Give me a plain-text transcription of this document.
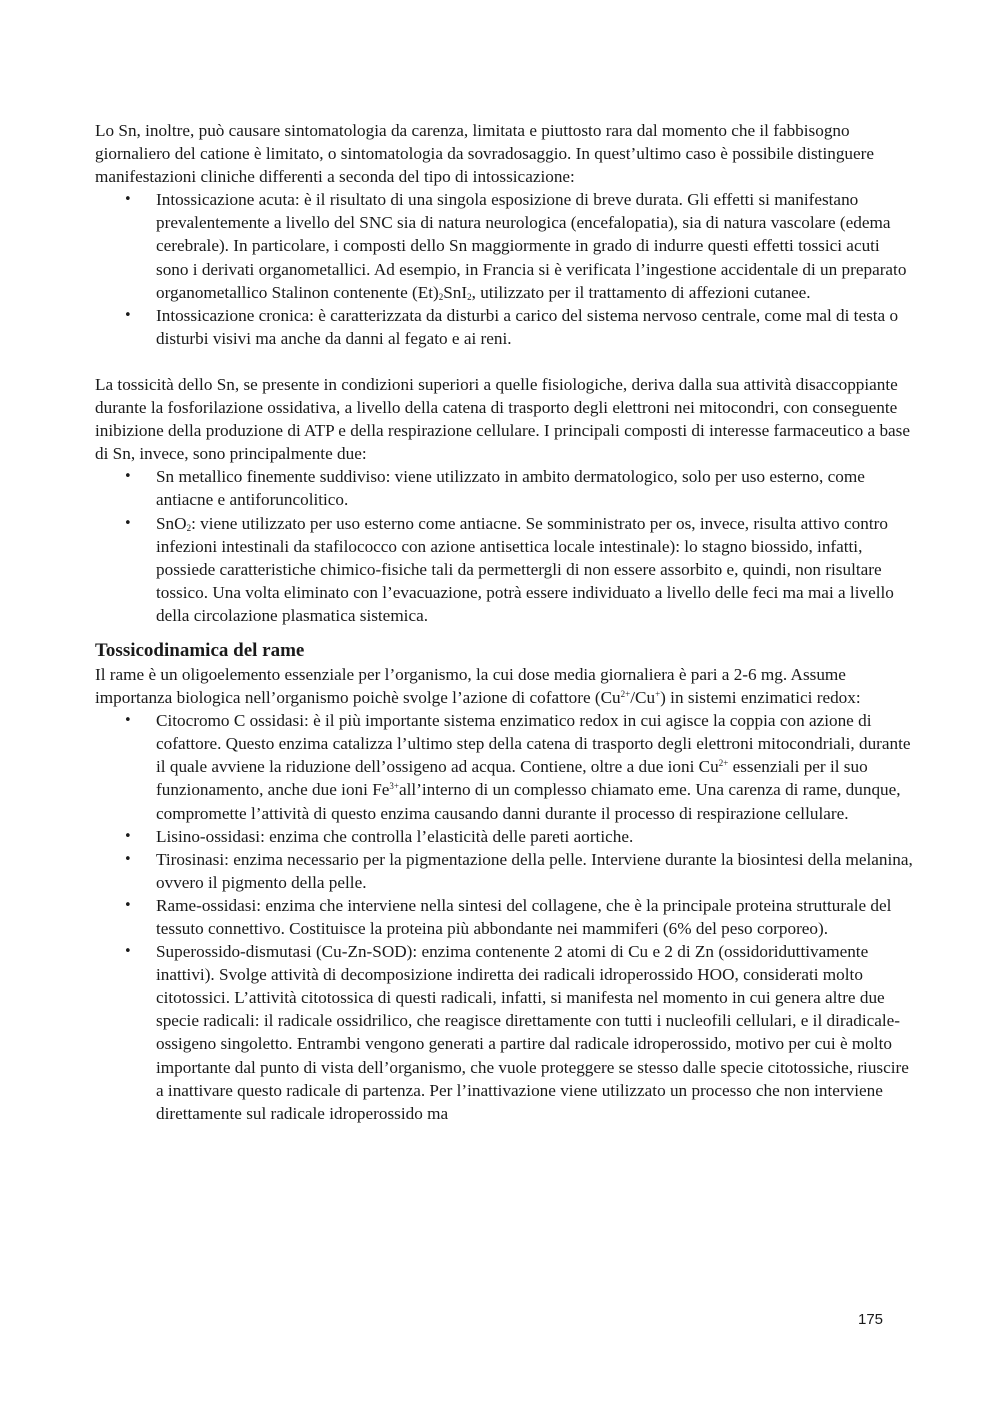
Lo Sn, inoltre, può causare sintomatologia da carenza, limitata e piuttosto rara dal momento che il fabbisogno giornaliero del catione è limitato, o sintomatologia da sovradosaggio. In quest’ultimo caso è possibile distinguere manifestazioni cliniche differenti a seconda del tipo di intossicazione:

• Intossicazione acuta: è il risultato di una singola esposizione di breve durata. Gli effetti si manifestano prevalentemente a livello del SNC sia di natura neurologica (encefalopatia), sia di natura vascolare (edema cerebrale). In particolare, i composti dello Sn maggiormente in grado di indurre questi effetti tossici acuti sono i derivati organometallici. Ad esempio, in Francia si è verificata l’ingestione accidentale di un preparato organometallico Stalinon contenente $(Et)_2SnI_2$, utilizzato per il trattamento di affezioni cutanee.
• Intossicazione cronica: è caratterizzata da disturbi a carico del sistema nervoso centrale, come mal di testa o disturbi visivi ma anche da danni al fegato e ai reni.

La tossicità dello Sn, se presente in condizioni superiori a quelle fisiologiche, deriva dalla sua attività disaccoppiante durante la fosforilazione ossidativa, a livello della catena di trasporto degli elettroni nei mitocondri, con conseguente inibizione della produzione di ATP e della respirazione cellulare. I principali composti di interesse farmaceutico a base di Sn, invece, sono principalmente due:

• Sn metallico finemente suddiviso: viene utilizzato in ambito dermatologico, solo per uso esterno, come antiacne e antiforuncolitico.
• SnO$_2$: viene utilizzato per uso esterno come antiacne. Se somministrato per os, invece, risulta attivo contro infezioni intestinali da stafilococco con azione antisettica locale intestinale): lo stagno biossido, infatti, possiede caratteristiche chimico-fisiche tali da permettergli di non essere assorbito e, quindi, non risultare tossico. Una volta eliminato con l’evacuazione, potrà essere individuato a livello delle feci ma mai a livello della circolazione plasmatica sistemica.
Tossicodinamica del rame

Il rame è un oligoelemento essenziale per l’organismo, la cui dose media giornaliera è pari a 2-6 mg. Assume importanza biologica nell’organismo poichè svolge l’azione di cofattore $(Cu^{2+}/Cu^+)$ in sistemi enzimatici redox:

• Citocromo C ossidasi: è il più importante sistema enzimatico redox in cui agisce la coppia con azione di cofattore. Questo enzima catalizza l’ultimo step della catena di trasporto degli elettroni mitocondriali, durante il quale avviene la riduzione dell’ossigeno ad acqua. Contiene, oltre a due ioni $Cu^{2+}$ essenziali per il suo funzionamento, anche due ioni $Fe^{3+}all’interno$ di un complesso chiamato eme. Una carenza di rame, dunque, compromette l’attività di questo enzima causando danni durante il processo di respirazione cellulare.
• Lisino-ossidasi: enzima che controlla l’elasticità delle pareti aortiche.
• Tirosinasi: enzima necessario per la pigmentazione della pelle. Interviene durante la biosintesi della melanina, ovvero il pigmento della pelle.
• Rame-ossidasi: enzima che interviene nella sintesi del collagene, che è la principale proteina strutturale del tessuto connettivo. Costituisce la proteina più abbondante nei mammiferi (6% del peso corporeo).
• Superossido-dismutasi (Cu-Zn-SOD): enzima contenente 2 atomi di Cu e 2 di Zn (ossidoriduttivamente inattivi). Svolge attività di decomposizione indiretta dei radicali idroperossido HOO, considerati molto citotossici. L’attività citotossica di questi radicali, infatti, si manifesta nel momento in cui genera altre due specie radicali: il radicale ossidrilico, che reagisce direttamente con tutti i nucleofili cellulari, e il diradicale-ossigeno singoletto. Entrambi vengono generati a partire dal radicale idroperossido, motivo per cui è molto importante dal punto di vista dell’organismo, che vuole proteggere se stesso dalle specie citotossiche, riuscire a inattivare questo radicale di partenza. Per l’inattivazione viene utilizzato un processo che non interviene direttamente sul radicale idroperossido ma
175
